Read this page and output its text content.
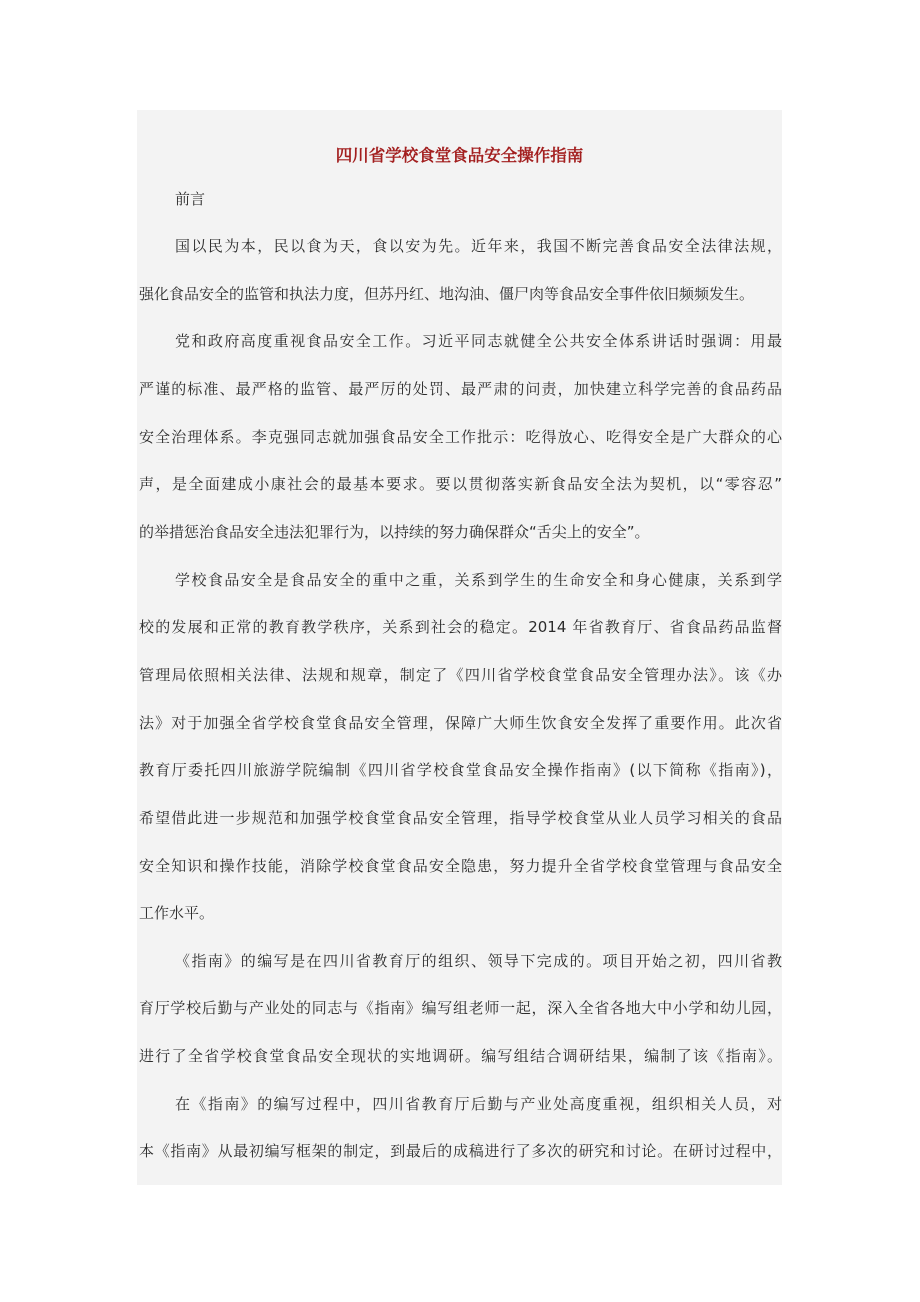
四川省学校食堂食品安全操作指南
前言
国以民为本，民以食为天，食以安为先。近年来，我国不断完善食品安全法律法规，
强化食品安全的监管和执法力度，但苏丹红、地沟油、僵尸肉等食品安全事件依旧频频发生。
党和政府高度重视食品安全工作。习近平同志就健全公共安全体系讲话时强调：用最
严谨的标准、最严格的监管、最严厉的处罚、最严肃的问责，加快建立科学完善的食品药品
安全治理体系。李克强同志就加强食品安全工作批示：吃得放心、吃得安全是广大群众的心
声，是全面建成小康社会的最基本要求。要以贯彻落实新食品安全法为契机，以“零容忍”
的举措惩治食品安全违法犯罪行为，以持续的努力确保群众“舌尖上的安全”。
学校食品安全是食品安全的重中之重，关系到学生的生命安全和身心健康，关系到学
校的发展和正常的教育教学秩序，关系到社会的稳定。2014 年省教育厅、省食品药品监督
管理局依照相关法律、法规和规章，制定了《四川省学校食堂食品安全管理办法》。该《办
法》对于加强全省学校食堂食品安全管理，保障广大师生饮食安全发挥了重要作用。此次省
教育厅委托四川旅游学院编制《四川省学校食堂食品安全操作指南》(以下简称《指南》)，
希望借此进一步规范和加强学校食堂食品安全管理，指导学校食堂从业人员学习相关的食品
安全知识和操作技能，消除学校食堂食品安全隐患，努力提升全省学校食堂管理与食品安全
工作水平。
《指南》的编写是在四川省教育厅的组织、领导下完成的。项目开始之初，四川省教
育厅学校后勤与产业处的同志与《指南》编写组老师一起，深入全省各地大中小学和幼儿园，
进行了全省学校食堂食品安全现状的实地调研。编写组结合调研结果，编制了该《指南》。
在《指南》的编写过程中，四川省教育厅后勤与产业处高度重视，组织相关人员，对
本《指南》从最初编写框架的制定，到最后的成稿进行了多次的研究和讨论。在研讨过程中，
